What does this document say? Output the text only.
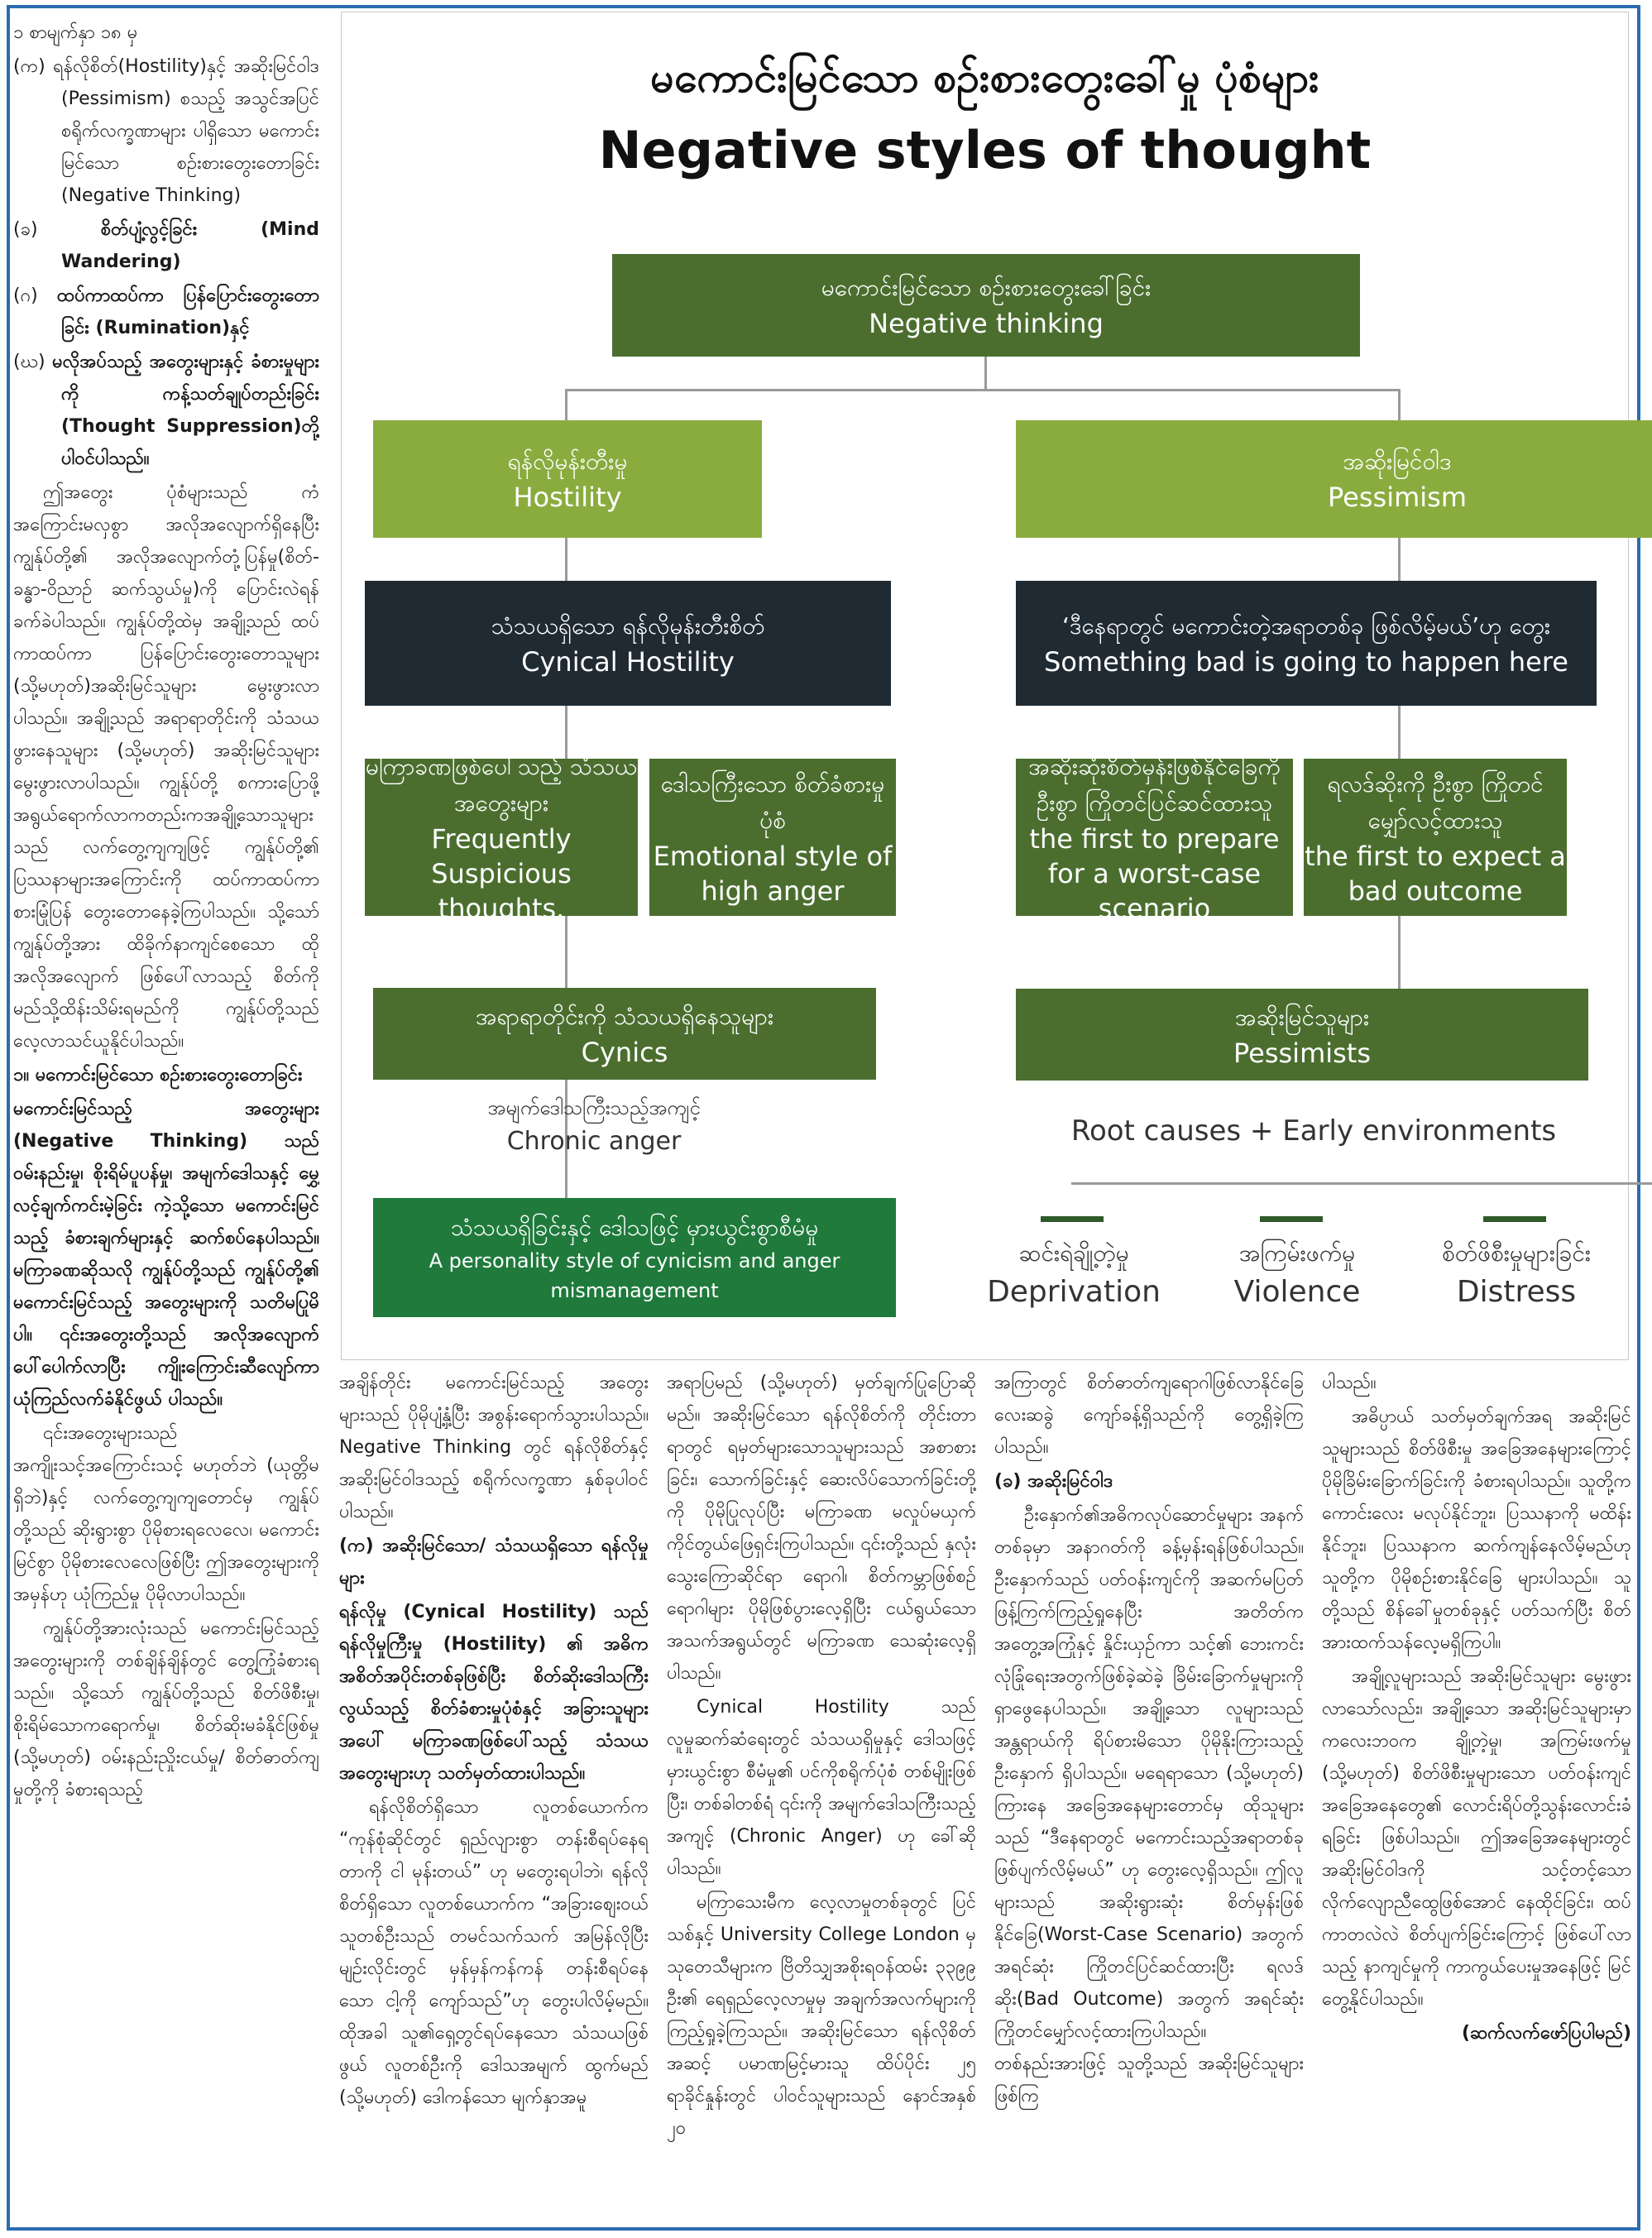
၁ စာမျက်နှာ ၁၈ မှ

(က) ရန်လိုစိတ်(Hostility)နှင့် အဆိုးမြင်ဝါဒ (Pessimism) စသည့် အသွင်အပြင် စရိုက်လက္ခဏာများ ပါရှိသော မကောင်းမြင်သော စဉ်းစားတွေးတောခြင်း (Negative Thinking)

(ခ)	စိတ်ပျံ့လွင့်ခြင်း (Mind Wandering)

(ဂ) ထပ်ကာထပ်ကာ ပြန်ပြောင်းတွေးတောခြင်း (Rumination)နှင့်

(ဃ) မလိုအပ်သည့် အတွေးများနှင့် ခံစားမှုများကို ကန့်သတ်ချုပ်တည်းခြင်း (Thought Suppression)တို့ပါဝင်ပါသည်။

ဤအတွေး ပုံစံများသည် ကံအကြောင်းမလှစွာ အလိုအလျောက်ရှိနေပြီး ကျွန်ုပ်တို့၏ အလိုအလျောက်တုံ့ပြန်မှု(စိတ်-ခန္ဓာ-ဝိညာဉ် ဆက်သွယ်မှု)ကို ပြောင်းလဲရန် ခက်ခဲပါသည်။ ကျွန်ုပ်တို့ထဲမှ အချို့သည် ထပ်ကာထပ်ကာ ပြန်ပြောင်းတွေးတောသူများ (သို့မဟုတ်)အဆိုးမြင်သူများ မွေးဖွားလာပါသည်။ အချို့သည် အရာရာတိုင်းကို သံသယဖွားနေသူများ (သို့မဟုတ်) အဆိုးမြင်သူများ မွေးဖွားလာပါသည်။ ကျွန်ုပ်တို့ စကားပြောဖို့ အရွယ်ရောက်လာကတည်းကအချို့သောသူများသည် လက်တွေ့ကျကျဖြင့် ကျွန်ုပ်တို့၏ ပြဿနာများအကြောင်းကို ထပ်ကာထပ်ကာ စားမြုံပြန် တွေးတောနေခဲ့ကြပါသည်။ သို့သော် ကျွန်ုပ်တို့အား ထိခိုက်နာကျင်စေသော ထိုအလိုအလျောက် ဖြစ်ပေါ်လာသည့် စိတ်ကို မည်သို့ထိန်းသိမ်းရမည်ကို ကျွန်ုပ်တို့သည် လေ့လာသင်ယူနိုင်ပါသည်။

၁။ မကောင်းမြင်သော စဉ်းစားတွေးတောခြင်း

မကောင်းမြင်သည့် အတွေးများ (Negative Thinking) သည် ဝမ်းနည်းမှု၊ စိုးရိမ်ပူပန်မှု၊ အမျက်ဒေါသနှင့် မွှေ့လင့်ချက်ကင်းမဲ့ခြင်း ကဲ့သို့သော မကောင်းမြင်သည့် ခံစားချက်များနှင့် ဆက်စပ်နေပါသည်။ မကြာခဏဆိုသလို ကျွန်ုပ်တို့သည် ကျွန်ုပ်တို့၏ မကောင်းမြင်သည့် အတွေးများကို သတိမပြုမိပါ။ ၎င်းအတွေးတို့သည် အလိုအလျောက် ပေါ်ပေါက်လာပြီး ကျိုးကြောင်းဆီလျော်ကာ ယုံကြည်လက်ခံနိုင်ဖွယ် ပါသည်။

၎င်းအတွေးများသည် အကျိုးသင့်အကြောင်းသင့် မဟုတ်ဘဲ (ယုတ္တိမရှိဘဲ)နှင့် လက်တွေ့ကျကျတောင်မှ ကျွန်ုပ်တို့သည် ဆိုးရွားစွာ ပိုမိုစားရလေလေ၊ မကောင်းမြင်စွာ ပိုမိုစားလေလေဖြစ်ပြီး ဤအတွေးများကို အမှန်ဟု ယုံကြည်မှု ပိုမိုလာပါသည်။

ကျွန်ုပ်တို့အားလုံးသည် မကောင်းမြင်သည့် အတွေးများကို တစ်ချိန်ချိန်တွင် တွေ့ကြုံခံစားရသည်။ သို့သော် ကျွန်ုပ်တို့သည် စိတ်ဖိစီးမှု၊ စိုးရိမ်သောကရောက်မှု၊ စိတ်ဆိုးမခံနိုင်ဖြစ်မှု (သို့မဟုတ်) ဝမ်းနည်းညှိုးငယ်မှု/ စိတ်ဓာတ်ကျမှုတို့ကို ခံစားရသည့်

မကောင်းမြင်သော စဉ်းစားတွေးခေါ်မှု ပုံစံများ
Negative styles of thought
မကောင်းမြင်သော စဉ်းစားတွေးခေါ်ခြင်း
Negative thinking
ရန်လိုမုန်းတီးမှု
Hostility
အဆိုးမြင်ဝါဒ
Pessimism
သံသယရှိသော ရန်လိုမုန်းတီးစိတ်
Cynical Hostility
‘ဒီနေရာတွင် မကောင်းတဲ့အရာတစ်ခု ဖြစ်လိမ့်မယ်’ဟု တွေး
Something bad is going to happen here
မကြာခဏဖြစ်ပေါ်သည့် သံသယအတွေးများ
Frequently Suspicious thoughts.
ဒေါသကြီးသော စိတ်ခံစားမှုပုံစံ
Emotional style of high anger
အဆိုးဆုံးစိတ်မှန်းဖြစ်နိုင်ခြေကို ဦးစွာ ကြိုတင်ပြင်ဆင်ထားသူ
the first to prepare for a worst-case scenario
ရလဒ်ဆိုးကို ဦးစွာ ကြိုတင်မျှော်လင့်ထားသူ
the first to expect a bad outcome
အရာရာတိုင်းကို သံသယရှိနေသူများ
Cynics
အဆိုးမြင်သူများ
Pessimists
အမျက်ဒေါသကြီးသည့်အကျင့်
Chronic anger	Root causes + Early environments
သံသယရှိခြင်းနှင့် ဒေါသဖြင့် မှားယွင်းစွာစီမံမှု
A personality style of cynicism and anger mismanagement
ဆင်းရဲချို့တဲ့မှု
Deprivation
အကြမ်းဖက်မှု
Violence
စိတ်ဖိစီးမှုများခြင်း
Distress

အချိန်တိုင်း မကောင်းမြင်သည့် အတွေးများသည် ပိုမိုပျံ့နှံ့ပြီး အစွန်းရောက်သွားပါသည်။ Negative Thinking တွင် ရန်လိုစိတ်နှင့် အဆိုးမြင်ဝါဒသည့် စရိုက်လက္ခဏာ နှစ်ခုပါဝင်ပါသည်။

(က) အဆိုးမြင်သော/ သံသယရှိသော ရန်လိုမှုများ

ရန်လိုမှု (Cynical Hostility) သည် ရန်လိုမှုကြီးမှု (Hostility) ၏ အဓိက အစိတ်အပိုင်းတစ်ခုဖြစ်ပြီး စိတ်ဆိုးဒေါသကြီးလွယ်သည့် စိတ်ခံစားမှုပုံစံနှင့် အခြားသူများအပေါ် မကြာခဏဖြစ်ပေါ်သည့် သံသယအတွေးများဟု သတ်မှတ်ထားပါသည်။

ရန်လိုစိတ်ရှိသော လူတစ်ယောက်က “ကုန်စုံဆိုင်တွင် ရှည်လျားစွာ တန်းစီရပ်နေရတာကို ငါ မုန်းတယ်” ဟု မတွေးရပါဘဲ၊ ရန်လိုစိတ်ရှိသော လူတစ်ယောက်က “အခြားစျေးဝယ်သူတစ်ဦးသည် တမင်သက်သက် အမြန်လိုပြီး မျဉ်းလိုင်းတွင် မှန်မှန်ကန်ကန် တန်းစီရပ်နေသော ငါ့ကို ကျော်သည်”ဟု တွေးပါလိမ့်မည်။ ထိုအခါ သူ၏ရှေ့တွင်ရပ်နေသော သံသယဖြစ်ဖွယ် လူတစ်ဦးကို ဒေါသအမျက် ထွက်မည် (သို့မဟုတ်) ဒေါကန်သော မျက်နှာအမူ

အရာပြမည် (သို့မဟုတ်) မှတ်ချက်ပြုပြောဆိုမည်။ အဆိုးမြင်သော ရန်လိုစိတ်ကို တိုင်းတာရာတွင် ရမှတ်များသောသူများသည် အစာစားခြင်း၊ သောက်ခြင်းနှင့် ဆေးလိပ်သောက်ခြင်းတို့ကို ပိုမိုပြုလုပ်ပြီး မကြာခဏ မလှုပ်မယှက်ကိုင်တွယ်ဖြေရှင်းကြပါသည်။ ၎င်းတို့သည် နှလုံးသွေးကြောဆိုင်ရာ ရောဂါ၊ စိတ်ကမ္ဘာဖြစ်စဉ် ရောဂါများ ပိုမိုဖြစ်ပွားလေ့ရှိပြီး ငယ်ရွယ်သော အသက်အရွယ်တွင် မကြာခဏ သေဆုံးလေ့ရှိပါသည်။

Cynical Hostility သည် လူမှုဆက်ဆံရေးတွင် သံသယရှိမှုနှင့် ဒေါသဖြင့် မှားယွင်းစွာ စီမံမှု၏ ပင်ကိုစရိုက်ပုံစံ တစ်မျိုးဖြစ်ပြီး၊ တစ်ခါတစ်ရံ ၎င်းကို အမျက်ဒေါသကြီးသည့် အကျင့် (Chronic Anger) ဟု ခေါ်ဆိုပါသည်။

မကြာသေးမီက လေ့လာမှုတစ်ခုတွင် ပြင်သစ်နှင့် University College London မှ သုတေသီများက ဗြိတိသျှအစိုးရဝန်ထမ်း ၃၃၉၉ ဦး၏ ရေရှည်လေ့လာမှုမှ အချက်အလက်များကို ကြည့်ရှုခဲ့ကြသည်။ အဆိုးမြင်သော ရန်လိုစိတ် အဆင့် ပမာဏမြင့်မားသူ ထိပ်ပိုင်း ၂၅ ရာခိုင်နှုန်းတွင် ပါဝင်သူများသည် နောင်အနှစ် ၂၀

အကြာတွင် စိတ်ဓာတ်ကျရောဂါဖြစ်လာနိုင်ခြေ လေးဆခွဲ ကျော်ခန့်ရှိသည်ကို တွေ့ရှိခဲ့ကြပါသည်။

(ခ) အဆိုးမြင်ဝါဒ

ဦးနှောက်၏အဓိကလုပ်ဆောင်မှုများ အနက်တစ်ခုမှာ အနာဂတ်ကို ခန့်မှန်းရန်ဖြစ်ပါသည်။ ဦးနှောက်သည် ပတ်ဝန်းကျင်ကို အဆက်မပြတ် ဖြန့်ကြက်ကြည့်ရှုနေပြီး အတိတ်က အတွေ့အကြုံနှင့် နှိုင်းယှဉ်ကာ သင့်၏ ဘေးကင်းလုံခြုံရေးအတွက်ဖြစ်ခဲ့ဆဲခဲ့ ခြိမ်းခြောက်မှုများကို ရှာဖွေနေပါသည်။ အချို့သော လူများသည် အန္တရာယ်ကို ရိပ်စားမိသော ပိုမိုနိုးကြားသည့် ဦးနှောက် ရှိပါသည်။ မရေရာသော (သို့မဟုတ်) ကြားနေ အခြေအနေများတောင်မှ ထိုသူများသည် “ဒီနေရာတွင် မကောင်းသည့်အရာတစ်ခု ဖြစ်ပျက်လိမ့်မယ်” ဟု တွေးလေ့ရှိသည်။ ဤလူများသည် အဆိုးရွားဆုံး စိတ်မှန်းဖြစ်နိုင်ခြေ(Worst-Case Scenario) အတွက် အရင်ဆုံး ကြိုတင်ပြင်ဆင်ထားပြီး ရလဒ်ဆိုး(Bad Outcome) အတွက် အရင်ဆုံး ကြိုတင်မျှော်လင့်ထားကြပါသည်။ တစ်နည်းအားဖြင့် သူတို့သည် အဆိုးမြင်သူများဖြစ်ကြ

ပါသည်။

အဓိပ္ပာယ် သတ်မှတ်ချက်အရ အဆိုးမြင်သူများသည် စိတ်ဖိစီးမှု အခြေအနေများကြောင့် ပိုမိုခြိမ်းခြောက်ခြင်းကို ခံစားရပါသည်။ သူတို့က ကောင်းလေး မလုပ်နိုင်ဘူး၊ ပြဿနာကို မထိန်းနိုင်ဘူး၊ ပြဿနာက ဆက်ကျန်နေလိမ့်မည်ဟု သူတို့က ပိုမိုစဉ်းစားနိုင်ခြေ များပါသည်။ သူတို့သည် စိန်ခေါ်မှုတစ်ခုနှင့် ပတ်သက်ပြီး စိတ်အားထက်သန်လေ့မရှိကြပါ။

အချို့လူများသည် အဆိုးမြင်သူများ မွေးဖွားလာသော်လည်း၊ အချို့သော အဆိုးမြင်သူများမှာ ကလေးဘဝက ချို့တဲ့မှု၊ အကြမ်းဖက်မှု (သို့မဟုတ်) စိတ်ဖိစီးမှုများသော ပတ်ဝန်းကျင်အခြေအနေတွေ၏ လောင်းရိပ်တို့သွန်းလောင်းခံရခြင်း ဖြစ်ပါသည်။ ဤအခြေအနေများတွင် အဆိုးမြင်ဝါဒကို သင့်တင့်သော လိုက်လျောညီထွေဖြစ်အောင် နေထိုင်ခြင်း၊ ထပ်ကာတလဲလဲ စိတ်ပျက်ခြင်းကြောင့် ဖြစ်ပေါ်လာသည့် နာကျင်မှုကို ကာကွယ်ပေးမှုအနေဖြင့် မြင်တွေ့နိုင်ပါသည်။

(ဆက်လက်ဖော်ပြပါမည်)
